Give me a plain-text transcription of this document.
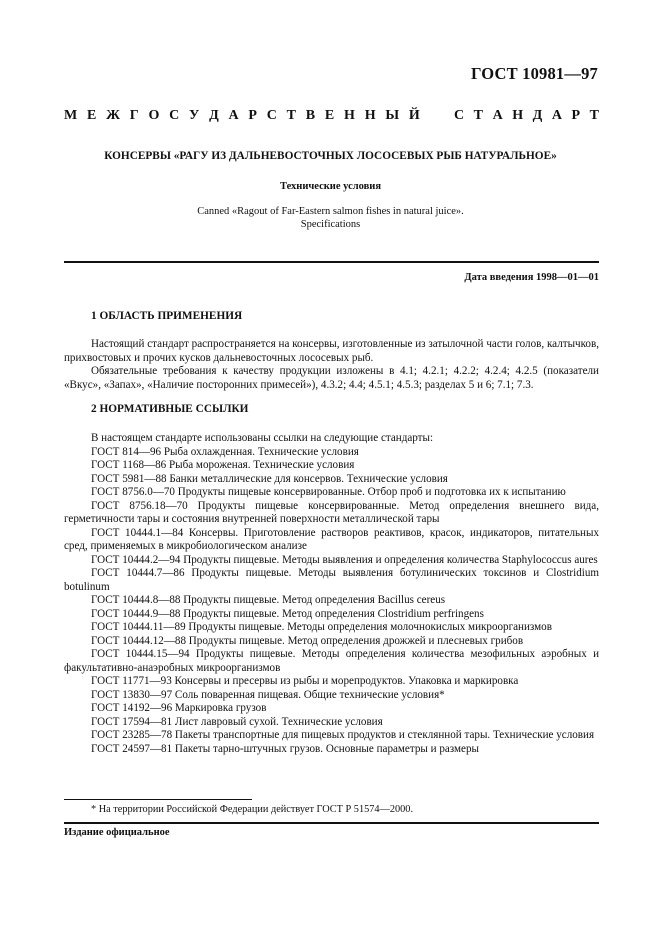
ГОСТ 10981—97
М Е Ж Г О С У Д А Р С Т В Е Н Н Ы Й С Т А Н Д А Р Т
КОНСЕРВЫ «РАГУ ИЗ ДАЛЬНЕВОСТОЧНЫХ ЛОСОСЕВЫХ РЫБ НАТУРАЛЬНОЕ»
Технические условия
Canned «Ragout of Far-Eastern salmon fishes in natural juice».
Specifications
Дата введения 1998—01—01
1 ОБЛАСТЬ ПРИМЕНЕНИЯ

Настоящий стандарт распространяется на консервы, изготовленные из затылочной части голов, калтычков, прихвостовых и прочих кусков дальневосточных лососевых рыб.

Обязательные требования к качеству продукции изложены в 4.1; 4.2.1; 4.2.2; 4.2.4; 4.2.5 (показатели «Вкус», «Запах», «Наличие посторонних примесей»), 4.3.2; 4.4; 4.5.1; 4.5.3; разделах 5 и 6; 7.1; 7.3.

2 НОРМАТИВНЫЕ ССЫЛКИ

В настоящем стандарте использованы ссылки на следующие стандарты:

ГОСТ 814—96 Рыба охлажденная. Технические условия

ГОСТ 1168—86 Рыба мороженая. Технические условия

ГОСТ 5981—88 Банки металлические для консервов. Технические условия

ГОСТ 8756.0—70 Продукты пищевые консервированные. Отбор проб и подготовка их к испытанию

ГОСТ 8756.18—70 Продукты пищевые консервированные. Метод определения внешнего вида, герметичности тары и состояния внутренней поверхности металлической тары

ГОСТ 10444.1—84 Консервы. Приготовление растворов реактивов, красок, индикаторов, питательных сред, применяемых в микробиологическом анализе

ГОСТ 10444.2—94 Продукты пищевые. Методы выявления и определения количества Staphylococcus aures

ГОСТ 10444.7—86 Продукты пищевые. Методы выявления ботулинических токсинов и Clostridium botulinum

ГОСТ 10444.8—88 Продукты пищевые. Метод определения Bacillus cereus

ГОСТ 10444.9—88 Продукты пищевые. Метод определения Clostridium perfringens

ГОСТ 10444.11—89 Продукты пищевые. Методы определения молочнокислых микроорганизмов

ГОСТ 10444.12—88 Продукты пищевые. Метод определения дрожжей и плесневых грибов

ГОСТ 10444.15—94 Продукты пищевые. Методы определения количества мезофильных аэробных и факультативно-анаэробных микроорганизмов

ГОСТ 11771—93 Консервы и пресервы из рыбы и морепродуктов. Упаковка и маркировка

ГОСТ 13830—97 Соль поваренная пищевая. Общие технические условия*

ГОСТ 14192—96 Маркировка грузов

ГОСТ 17594—81 Лист лавровый сухой. Технические условия

ГОСТ 23285—78 Пакеты транспортные для пищевых продуктов и стеклянной тары. Технические условия

ГОСТ 24597—81 Пакеты тарно-штучных грузов. Основные параметры и размеры

* На территории Российской Федерации действует ГОСТ Р 51574—2000.
Издание официальное
